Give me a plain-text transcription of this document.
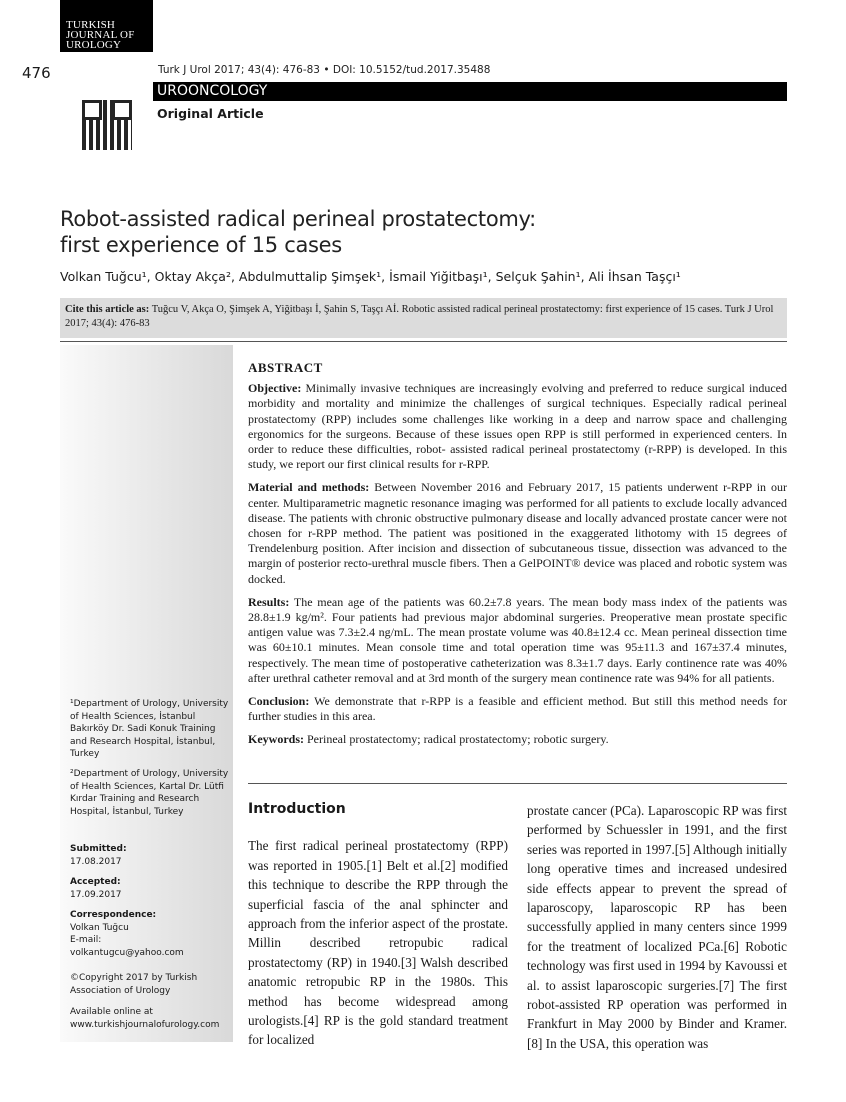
TURKISH
JOURNAL OF
UROLOGY
476	Turk J Urol 2017; 43(4): 476-83 • DOI: 10.5152/tud.2017.35488
UROONCOLOGY
Original Article
Robot-assisted radical perineal prostatectomy:
first experience of 15 cases
Volkan Tuğcu¹, Oktay Akça², Abdulmuttalip Şimşek¹, İsmail Yiğitbaşı¹, Selçuk Şahin¹, Ali İhsan Taşçı¹
Cite this article as: Tuğcu V, Akça O, Şimşek A, Yiğitbaşı İ, Şahin S, Taşçı Aİ. Robotic assisted radical perineal prostatectomy: first experience of 15 cases. Turk J Urol 2017; 43(4): 476-83
¹Department of Urology, University of Health Sciences, İstanbul Bakırköy Dr. Sadi Konuk Training and Research Hospital, İstanbul, Turkey
²Department of Urology, University of Health Sciences, Kartal Dr. Lütfi Kırdar Training and Research Hospital, İstanbul, Turkey
Submitted:
17.08.2017
Accepted:
17.09.2017
Correspondence:
Volkan Tuğcu
E-mail:
volkantugcu@yahoo.com
©Copyright 2017 by Turkish Association of Urology
Available online at
www.turkishjournalofurology.com
ABSTRACT

Objective: Minimally invasive techniques are increasingly evolving and preferred to reduce surgical induced morbidity and mortality and minimize the challenges of surgical techniques. Especially radical perineal prostatectomy (RPP) includes some challenges like working in a deep and narrow space and challenging ergonomics for the surgeons. Because of these issues open RPP is still performed in experienced centers. In order to reduce these difficulties, robot- assisted radical perineal prostatectomy (r-RPP) is developed. In this study, we report our first clinical results for r-RPP.

Material and methods: Between November 2016 and February 2017, 15 patients underwent r-RPP in our center. Multiparametric magnetic resonance imaging was performed for all patients to exclude locally advanced disease. The patients with chronic obstructive pulmonary disease and locally advanced prostate cancer were not chosen for r-RPP method. The patient was positioned in the exaggerated lithotomy with 15 degrees of Trendelenburg position. After incision and dissection of subcutaneous tissue, dissection was advanced to the margin of posterior recto-urethral muscle fibers. Then a GelPOINT® device was placed and robotic system was docked.

Results: The mean age of the patients was 60.2±7.8 years. The mean body mass index of the patients was 28.8±1.9 kg/m². Four patients had previous major abdominal surgeries. Preoperative mean prostate specific antigen value was 7.3±2.4 ng/mL. The mean prostate volume was 40.8±12.4 cc. Mean perineal dissection time was 60±10.1 minutes. Mean console time and total operation time was 95±11.3 and 167±37.4 minutes, respectively. The mean time of postoperative catheterization was 8.3±1.7 days. Early continence rate was 40% after urethral catheter removal and at 3rd month of the surgery mean continence rate was 94% for all patients.

Conclusion: We demonstrate that r-RPP is a feasible and efficient method. But still this method needs for further studies in this area.

Keywords: Perineal prostatectomy; radical prostatectomy; robotic surgery.

Introduction
The first radical perineal prostatectomy (RPP) was reported in 1905.[1] Belt et al.[2] modified this technique to describe the RPP through the superficial fascia of the anal sphincter and approach from the inferior aspect of the prostate. Millin described retropubic radical prostatectomy (RP) in 1940.[3] Walsh described anatomic retropubic RP in the 1980s. This method has become widespread among urologists.[4] RP is the gold standard treatment for localized
prostate cancer (PCa). Laparoscopic RP was first performed by Schuessler in 1991, and the first series was reported in 1997.[5] Although initially long operative times and increased undesired side effects appear to prevent the spread of laparoscopy, laparoscopic RP has been successfully applied in many centers since 1999 for the treatment of localized PCa.[6] Robotic technology was first used in 1994 by Kavoussi et al. to assist laparoscopic surgeries.[7] The first robot-assisted RP operation was performed in Frankfurt in May 2000 by Binder and Kramer.[8] In the USA, this operation was
